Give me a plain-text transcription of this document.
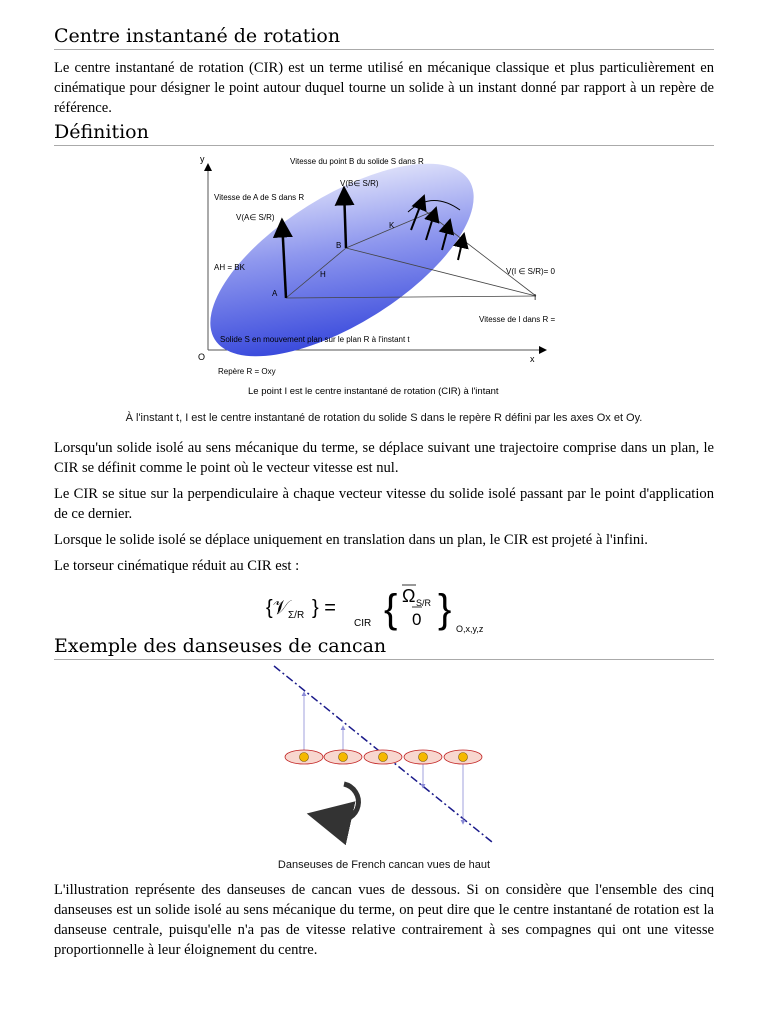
Centre instantané de rotation

Le centre instantané de rotation (CIR) est un terme utilisé en mécanique classique et plus particulièrement en cinématique pour désigner le point autour duquel tourne un solide à un instant donné par rapport à un repère de référence.

Définition
y
x
O
A
B
H
K
I
Vitesse du point B du solide S dans R
V(B∈ S/R)
Vitesse de A de S dans R
V(A∈ S/R)
AH = BK	V(I ∈ S/R)= 0
Vitesse de I dans R =
Solide S en mouvement plan sur le plan R à l'instant t
Repère R = Oxy
Le point I est le centre instantané de rotation (CIR) à l'intant
À l'instant t, I est le centre instantané de rotation du solide S dans le repère R défini par les axes Ox et Oy.

Lorsqu'un solide isolé au sens mécanique du terme, se déplace suivant une trajectoire comprise dans un plan, le CIR se définit comme le point où le vecteur vitesse est nul.

Le CIR se situe sur la perpendiculaire à chaque vecteur vitesse du solide isolé passant par le point d'application de ce dernier.

Lorsque le solide isolé se déplace uniquement en translation dans un plan, le CIR est projeté à l'infini.

Le torseur cinématique réduit au CIR est :

{𝒱
Σ/R } =
CIR { Ω S/R
0 } O,x,y,z
Exemple des danseuses de cancan
Danseuses de French cancan vues de haut

L'illustration représente des danseuses de cancan vues de dessous. Si on considère que l'ensemble des cinq danseuses est un solide isolé au sens mécanique du terme, on peut dire que le centre instantané de rotation est la danseuse centrale, puisqu'elle n'a pas de vitesse relative contrairement à ses compagnes qui ont une vitesse proportionnelle à leur éloignement du centre.
